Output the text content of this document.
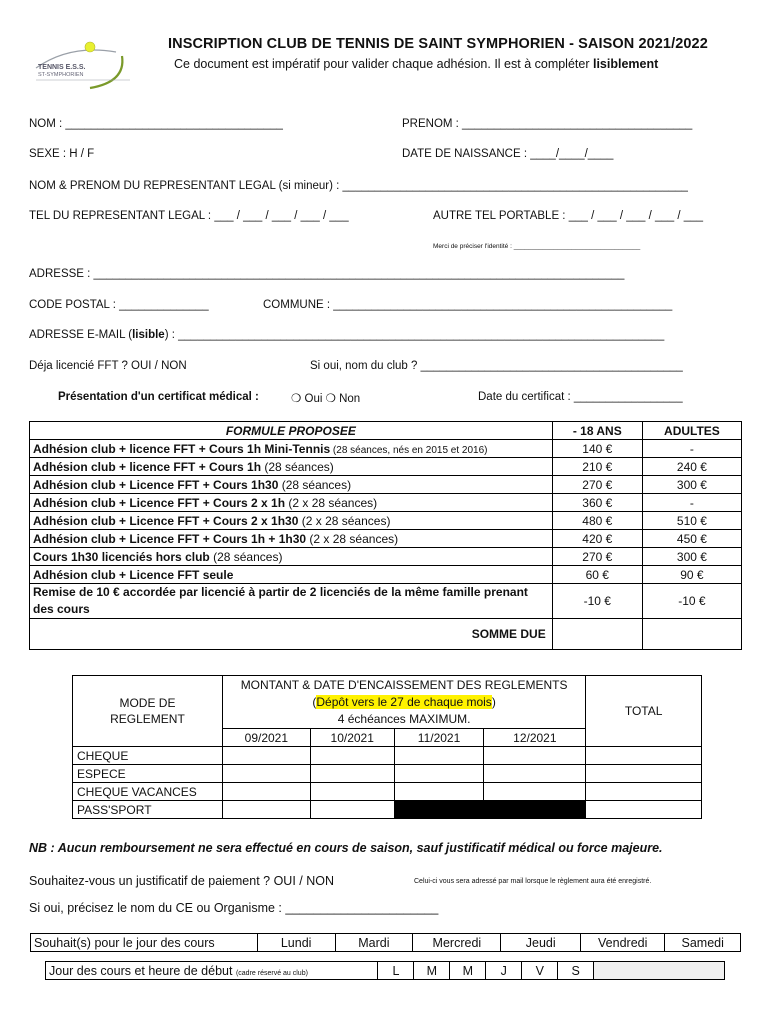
TENNIS E.S.S.
ST-SYMPHORIEN
INSCRIPTION CLUB DE TENNIS DE SAINT SYMPHORIEN - SAISON 2021/2022
Ce document est impératif pour valider chaque adhésion. Il est à compléter lisiblement
NOM : __________________________________	PRENOM : ____________________________________
SEXE : H / F	DATE DE NAISSANCE : ____/____/____
NOM & PRENOM DU REPRESENTANT LEGAL (si mineur) : ______________________________________________________
TEL DU REPRESENTANT LEGAL : ___ / ___ / ___ / ___ / ___	AUTRE TEL PORTABLE : ___ / ___ / ___ / ___ / ___
Merci de préciser l'identité : ___________________________________
ADRESSE : ___________________________________________________________________________________
CODE POSTAL : ______________	COMMUNE : _____________________________________________________
ADRESSE E-MAIL (lisible) : ____________________________________________________________________________
Déja licencié FFT ? OUI / NON	Si oui, nom du club ? _________________________________________
Présentation d'un certificat médical :	❍ Oui ❍ Non	Date du certificat : _________________
FORMULE PROPOSEE	- 18 ANS	ADULTES
Adhésion club + licence FFT + Cours 1h Mini-Tennis (28 séances, nés en 2015 et 2016)	140 €	-
Adhésion club + licence FFT + Cours 1h (28 séances)	210 €	240 €
Adhésion club + Licence FFT + Cours 1h30 (28 séances)	270 €	300 €
Adhésion club + Licence FFT + Cours 2 x 1h (2 x 28 séances)	360 €	-
Adhésion club + Licence FFT + Cours 2 x 1h30 (2 x 28 séances)	480 €	510 €
Adhésion club + Licence FFT + Cours 1h + 1h30 (2 x 28 séances)	420 €	450 €
Cours 1h30 licenciés hors club (28 séances)	270 €	300 €
Adhésion club + Licence FFT seule	60 €	90 €
Remise de 10 € accordée par licencié à partir de 2 licenciés de la même famille prenant des cours	-10 €	-10 €
SOMME DUE		
MODE DE REGLEMENT	MONTANT & DATE D'ENCAISSEMENT DES REGLEMENTS (Dépôt vers le 27 de chaque mois)
4 échéances MAXIMUM.				TOTAL
	09/2021	10/2021	11/2021	12/2021	
CHEQUE					
ESPECE					
CHEQUE VACANCES					
PASS'SPORT					
NB : Aucun remboursement ne sera effectué en cours de saison, sauf justificatif médical ou force majeure.
Souhaitez-vous un justificatif de paiement ? OUI / NON	Celui-ci vous sera adressé par mail lorsque le règlement aura été enregistré.
Si oui, précisez le nom du CE ou Organisme : ______________________
Souhait(s) pour le jour des cours	Lundi	Mardi	Mercredi	Jeudi	Vendredi	Samedi
Jour des cours et heure de début (cadre réservé au club)	L	M	M	J	V	S	
